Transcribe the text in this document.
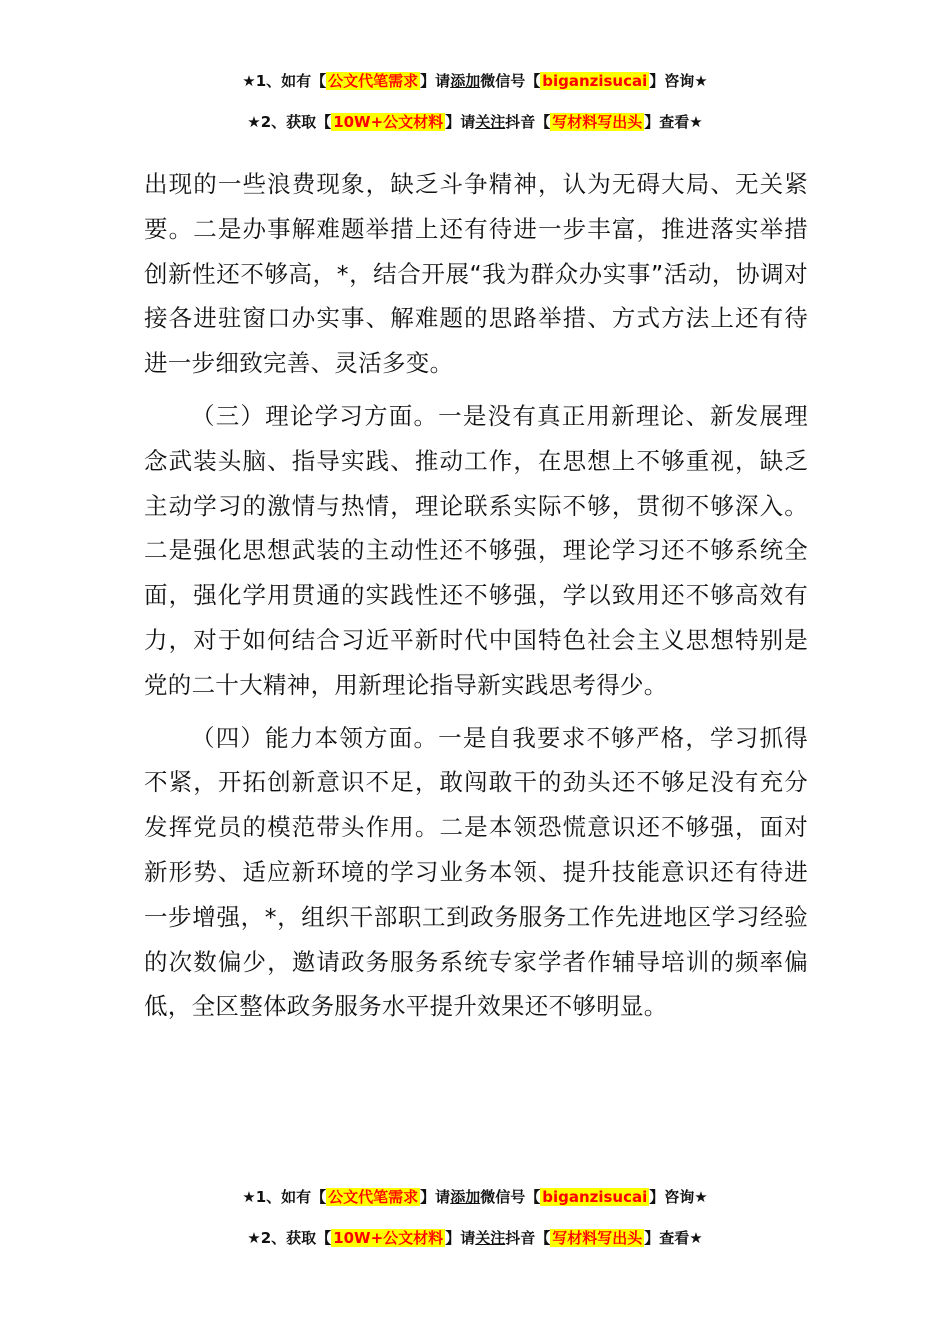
★1、如有【 公文代笔需求 】请添加微信号【 biganzisucai 】咨询★
★2、获取【 10W+公文材料 】请关注抖音【 写材料写出头 】查看★

出现的一些浪费现象，缺乏斗争精神，认为无碍大局、无关紧要。二是办事解难题举措上还有待进一步丰富，推进落实举措创新性还不够高，*，结合开展“我为群众办实事”活动，协调对接各进驻窗口办实事、解难题的思路举措、方式方法上还有待进一步细致完善、灵活多变。

（三）理论学习方面。一是没有真正用新理论、新发展理念武装头脑、指导实践、推动工作，在思想上不够重视，缺乏主动学习的激情与热情，理论联系实际不够，贯彻不够深入。二是强化思想武装的主动性还不够强，理论学习还不够系统全面，强化学用贯通的实践性还不够强，学以致用还不够高效有力，对于如何结合习近平新时代中国特色社会主义思想特别是党的二十大精神，用新理论指导新实践思考得少。

（四）能力本领方面。一是自我要求不够严格，学习抓得不紧，开拓创新意识不足，敢闯敢干的劲头还不够足没有充分发挥党员的模范带头作用。二是本领恐慌意识还不够强，面对新形势、适应新环境的学习业务本领、提升技能意识还有待进一步增强，*，组织干部职工到政务服务工作先进地区学习经验的次数偏少，邀请政务服务系统专家学者作辅导培训的频率偏低，全区整体政务服务水平提升效果还不够明显。

★1、如有【 公文代笔需求 】请添加微信号【 biganzisucai 】咨询★
★2、获取【 10W+公文材料 】请关注抖音【 写材料写出头 】查看★
